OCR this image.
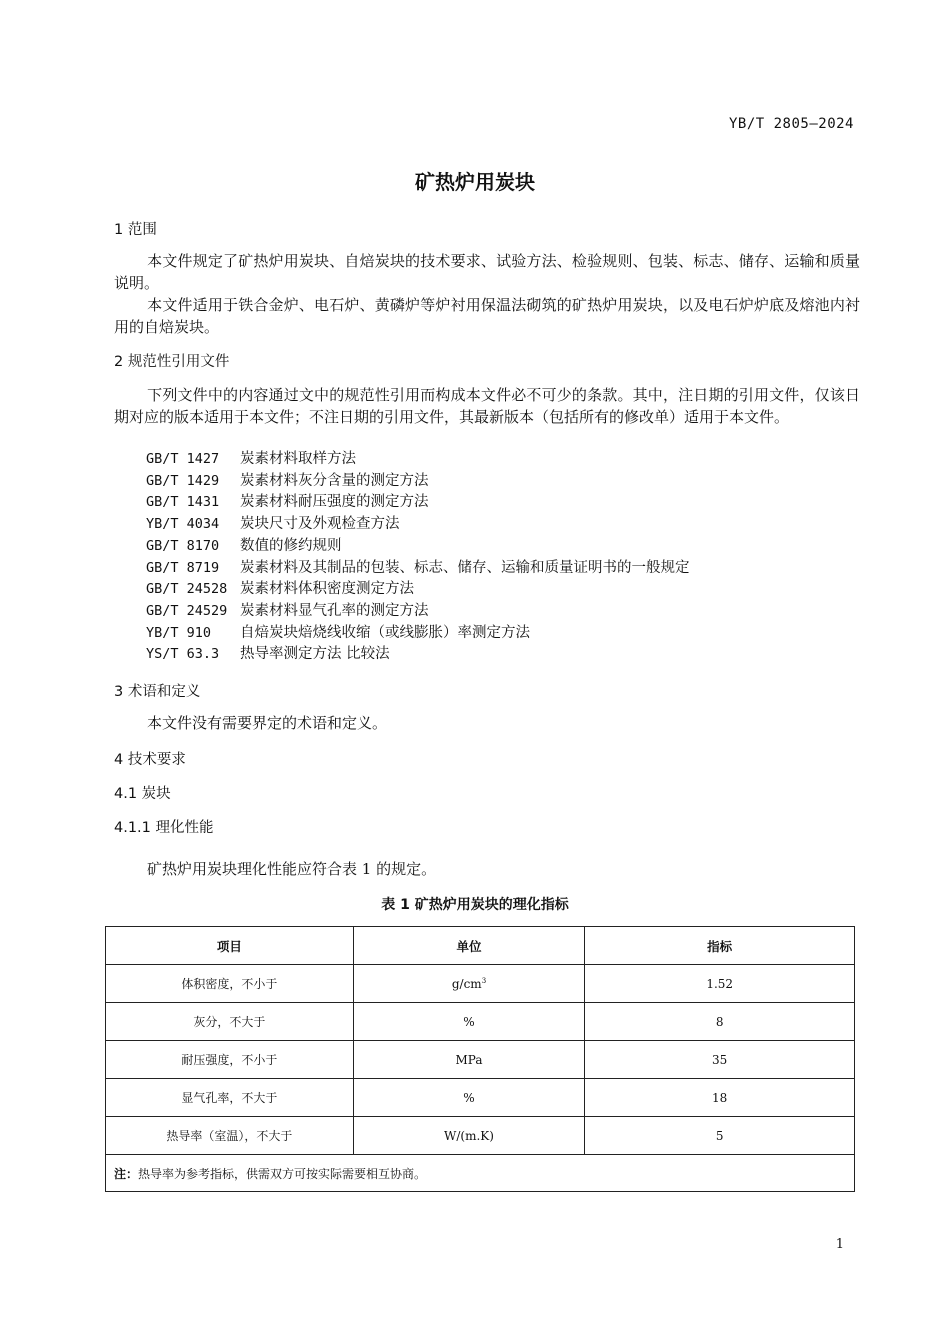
YB/T 2805—2024
矿热炉用炭块
1 范围
本文件规定了矿热炉用炭块、自焙炭块的技术要求、试验方法、检验规则、包装、标志、储存、运输和质量说明。
本文件适用于铁合金炉、电石炉、黄磷炉等炉衬用保温法砌筑的矿热炉用炭块，以及电石炉炉底及熔池内衬用的自焙炭块。
2 规范性引用文件
下列文件中的内容通过文中的规范性引用而构成本文件必不可少的条款。其中，注日期的引用文件，仅该日期对应的版本适用于本文件；不注日期的引用文件，其最新版本（包括所有的修改单）适用于本文件。
GB/T 1427 炭素材料取样方法
GB/T 1429 炭素材料灰分含量的测定方法
GB/T 1431 炭素材料耐压强度的测定方法
YB/T 4034 炭块尺寸及外观检查方法
GB/T 8170 数值的修约规则
GB/T 8719 炭素材料及其制品的包装、标志、储存、运输和质量证明书的一般规定
GB/T 24528 炭素材料体积密度测定方法
GB/T 24529 炭素材料显气孔率的测定方法
YB/T 910 自焙炭块焙烧线收缩（或线膨胀）率测定方法
YS/T 63.3 热导率测定方法 比较法
3 术语和定义
本文件没有需要界定的术语和定义。
4 技术要求
4.1 炭块
4.1.1 理化性能
矿热炉用炭块理化性能应符合表 1 的规定。
表 1 矿热炉用炭块的理化指标
项目	单位	指标
体积密度，不小于	$g/cm^3$	1.52
灰分，不大于	%	8
耐压强度，不小于	MPa	35
显气孔率，不大于	%	18
热导率（室温），不大于	W/(m.K)	5
注：热导率为参考指标，供需双方可按实际需要相互协商。		
1
